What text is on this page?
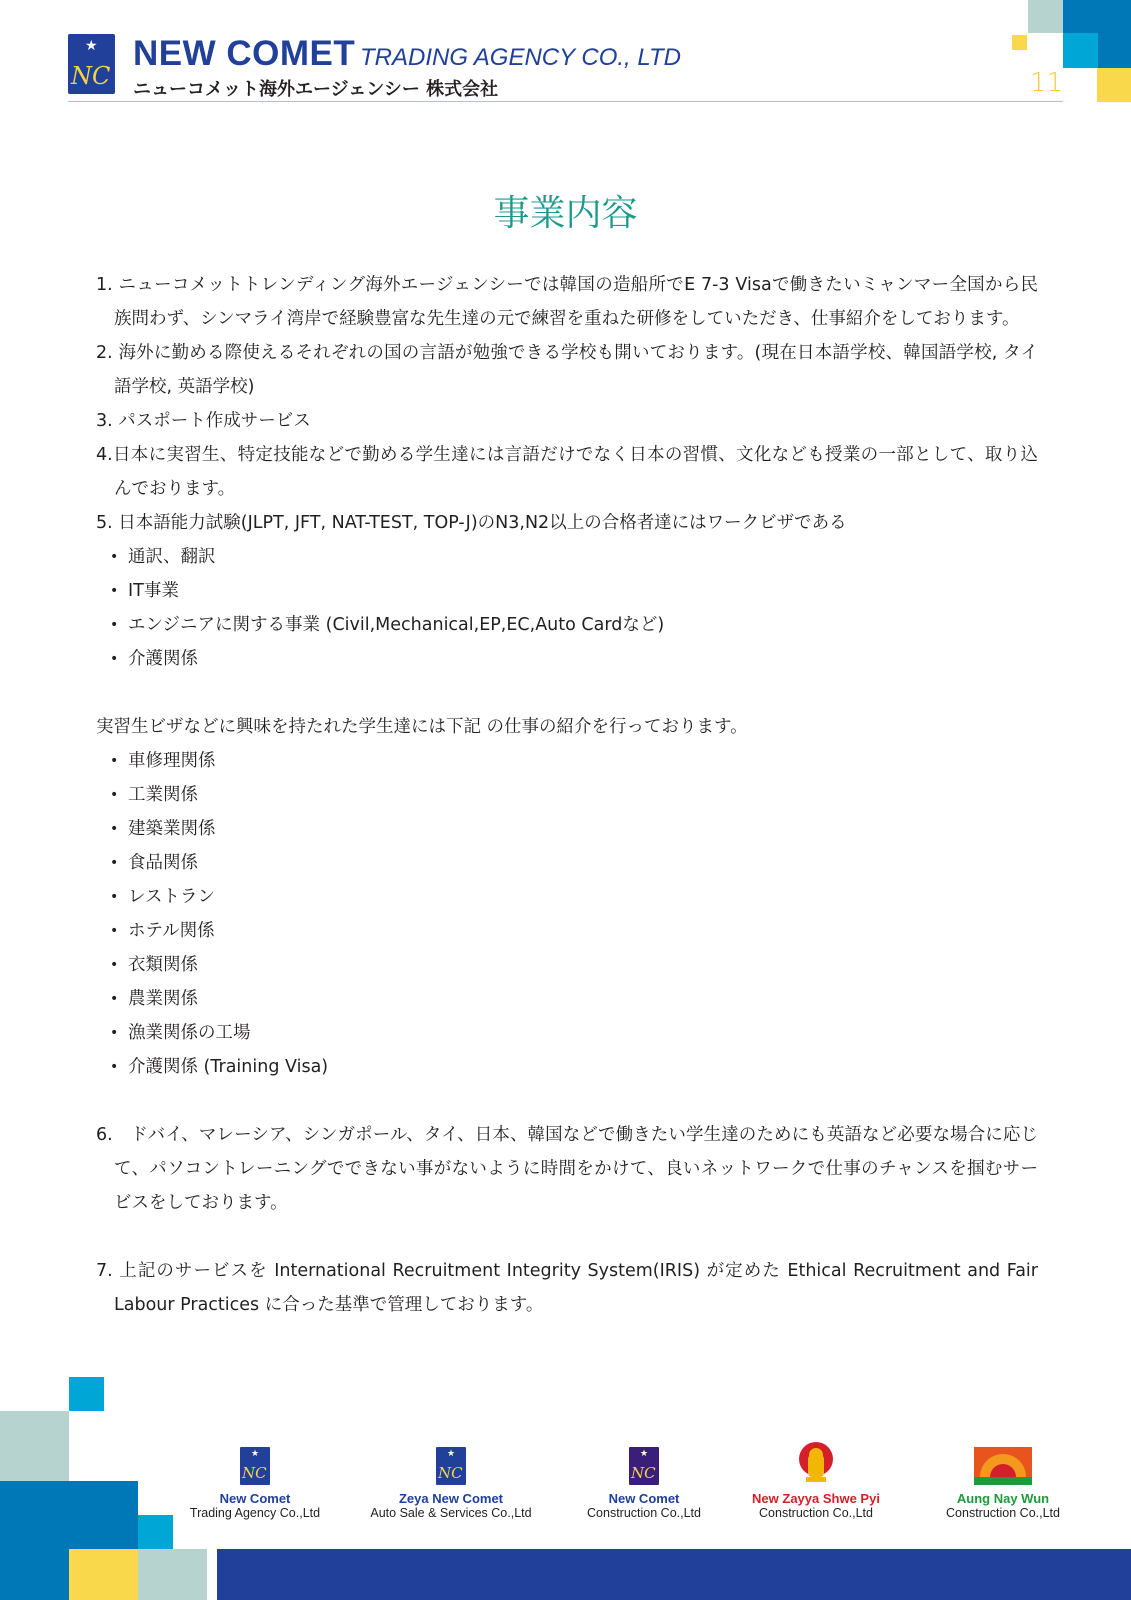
★
NC
NEW COMET TRADING AGENCY CO., LTD
ニューコメット海外エージェンシー 株式会社	11
事業内容

1. ニューコメットトレンディング海外エージェンシーでは韓国の造船所でE 7-3 Visaで働きたいミャンマー全国から民族問わず、シンマライ湾岸で経験豊富な先生達の元で練習を重ねた研修をしていただき、仕事紹介をしております。

2. 海外に勤める際使えるそれぞれの国の言語が勉強できる学校も開いております。(現在日本語学校、韓国語学校, タイ語学校, 英語学校)

3. パスポート作成サービス

4.日本に実習生、特定技能などで勤める学生達には言語だけでなく日本の習慣、文化なども授業の一部として、取り込んでおります。

5. 日本語能力試験(JLPT, JFT, NAT-TEST, TOP-J)のN3,N2以上の合格者達にはワークビザである

• 通訳、翻訳
• IT事業
• エンジニアに関する事業 (Civil,Mechanical,EP,EC,Auto Cardなど)
• 介護関係

実習生ビザなどに興味を持たれた学生達には下記 の仕事の紹介を行っております。

• 車修理関係
• 工業関係
• 建築業関係
• 食品関係
• レストラン
• ホテル関係
• 衣類関係
• 農業関係
• 漁業関係の工場
• 介護関係 (Training Visa)

6.　ドバイ、マレーシア、シンガポール、タイ、日本、韓国などで働きたい学生達のためにも英語など必要な場合に応じて、パソコントレーニングでできない事がないように時間をかけて、良いネットワークで仕事のチャンスを掴むサービスをしております。

7. 上記のサービスを International Recruitment Integrity System(IRIS) が定めた Ethical Recruitment and Fair Labour Practices に合った基準で管理しております。

★
NC
New Comet
Trading Agency Co.,Ltd
★
NC
Zeya New Comet
Auto Sale & Services Co.,Ltd
★
NC
New Comet
Construction Co.,Ltd
New Zayya Shwe Pyi
Construction Co.,Ltd
Aung Nay Wun
Construction Co.,Ltd
